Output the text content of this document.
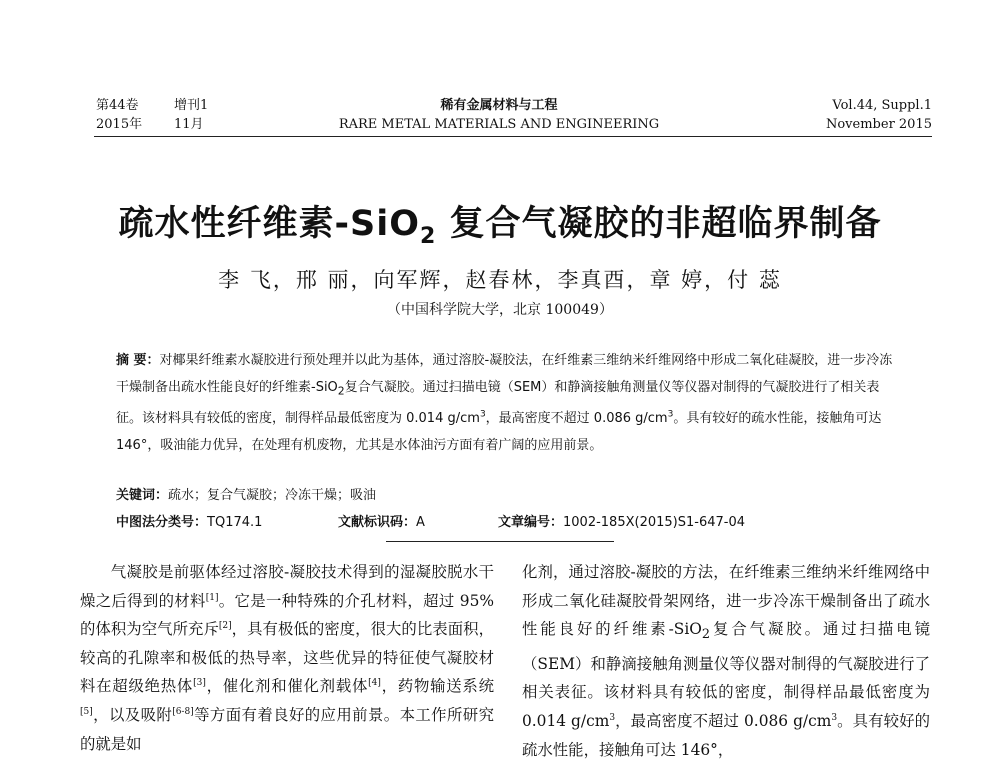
第44卷	增刊1
2015年 11月
稀有金属材料与工程
RARE METAL MATERIALS AND ENGINEERING
Vol.44, Suppl.1
November 2015
疏水性纤维素-SiO$_2$ 复合气凝胶的非超临界制备
李 飞，邢 丽，向军辉，赵春林，李真酉，章 婷，付 蕊
（中国科学院大学，北京 100049）
摘 要：对椰果纤维素水凝胶进行预处理并以此为基体，通过溶胶-凝胶法，在纤维素三维纳米纤维网络中形成二氧化硅凝胶，进一步冷冻干燥制备出疏水性能良好的纤维素-SiO$_2$复合气凝胶。通过扫描电镜（SEM）和静滴接触角测量仪等仪器对制得的气凝胶进行了相关表征。该材料具有较低的密度，制得样品最低密度为 0.014 $g/cm^3$，最高密度不超过 0.086 $g/cm^3$。具有较好的疏水性能，接触角可达 146°，吸油能力优异，在处理有机废物，尤其是水体油污方面有着广阔的应用前景。
关键词：疏水；复合气凝胶；冷冻干燥；吸油
中图法分类号：TQ174.1	文献标识码：A	文章编号：1002-185X(2015)S1-647-04

气凝胶是前驱体经过溶胶-凝胶技术得到的湿凝胶脱水干燥之后得到的材料[1]。它是一种特殊的介孔材料，超过 95%的体积为空气所充斥[2]，具有极低的密度，很大的比表面积，较高的孔隙率和极低的热导率，这些优异的特征使气凝胶材料在超级绝热体[3]，催化剂和催化剂载体[4]，药物输送系统[5]，以及吸附[6-8]等方面有着良好的应用前景。本工作所研究的就是如

化剂，通过溶胶-凝胶的方法，在纤维素三维纳米纤维网络中形成二氧化硅凝胶骨架网络，进一步冷冻干燥制备出了疏水性能良好的纤维素-SiO$_2$复合气凝胶。通过扫描电镜（SEM）和静滴接触角测量仪等仪器对制得的气凝胶进行了相关表征。该材料具有较低的密度，制得样品最低密度为 0.014 $g/cm^3$，最高密度不超过 0.086 $g/cm^3$。具有较好的疏水性能，接触角可达 146°，
